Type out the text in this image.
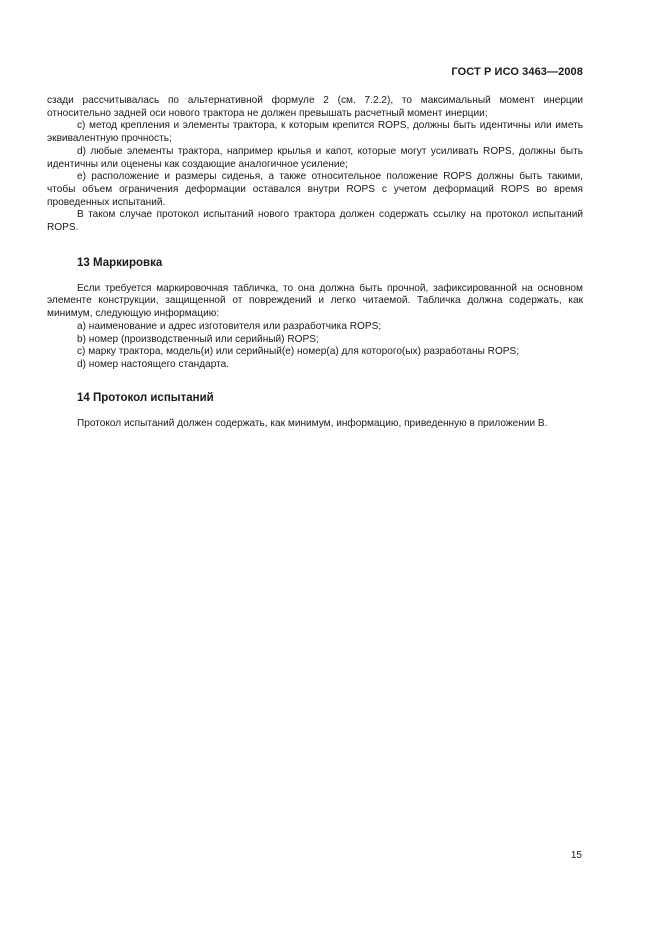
ГОСТ Р ИСО 3463—2008

сзади рассчитывалась по альтернативной формуле 2 (см. 7.2.2), то максимальный момент инерции относительно задней оси нового трактора не должен превышать расчетный момент инерции;

c) метод крепления и элементы трактора, к которым крепится ROPS, должны быть идентичны или иметь эквивалентную прочность;

d) любые элементы трактора, например крылья и капот, которые могут усиливать ROPS, должны быть идентичны или оценены как создающие аналогичное усиление;

e) расположение и размеры сиденья, а также относительное положение ROPS должны быть такими, чтобы объем ограничения деформации оставался внутри ROPS с учетом деформаций ROPS во время проведенных испытаний.

В таком случае протокол испытаний нового трактора должен содержать ссылку на протокол испытаний ROPS.

13 Маркировка

Если требуется маркировочная табличка, то она должна быть прочной, зафиксированной на основном элементе конструкции, защищенной от повреждений и легко читаемой. Табличка должна содержать, как минимум, следующую информацию:

a) наименование и адрес изготовителя или разработчика ROPS;

b) номер (производственный или серийный) ROPS;

c) марку трактора, модель(и) или серийный(е) номер(а) для которого(ых) разработаны ROPS;

d) номер настоящего стандарта.

14 Протокол испытаний

Протокол испытаний должен содержать, как минимум, информацию, приведенную в приложении В.

15
